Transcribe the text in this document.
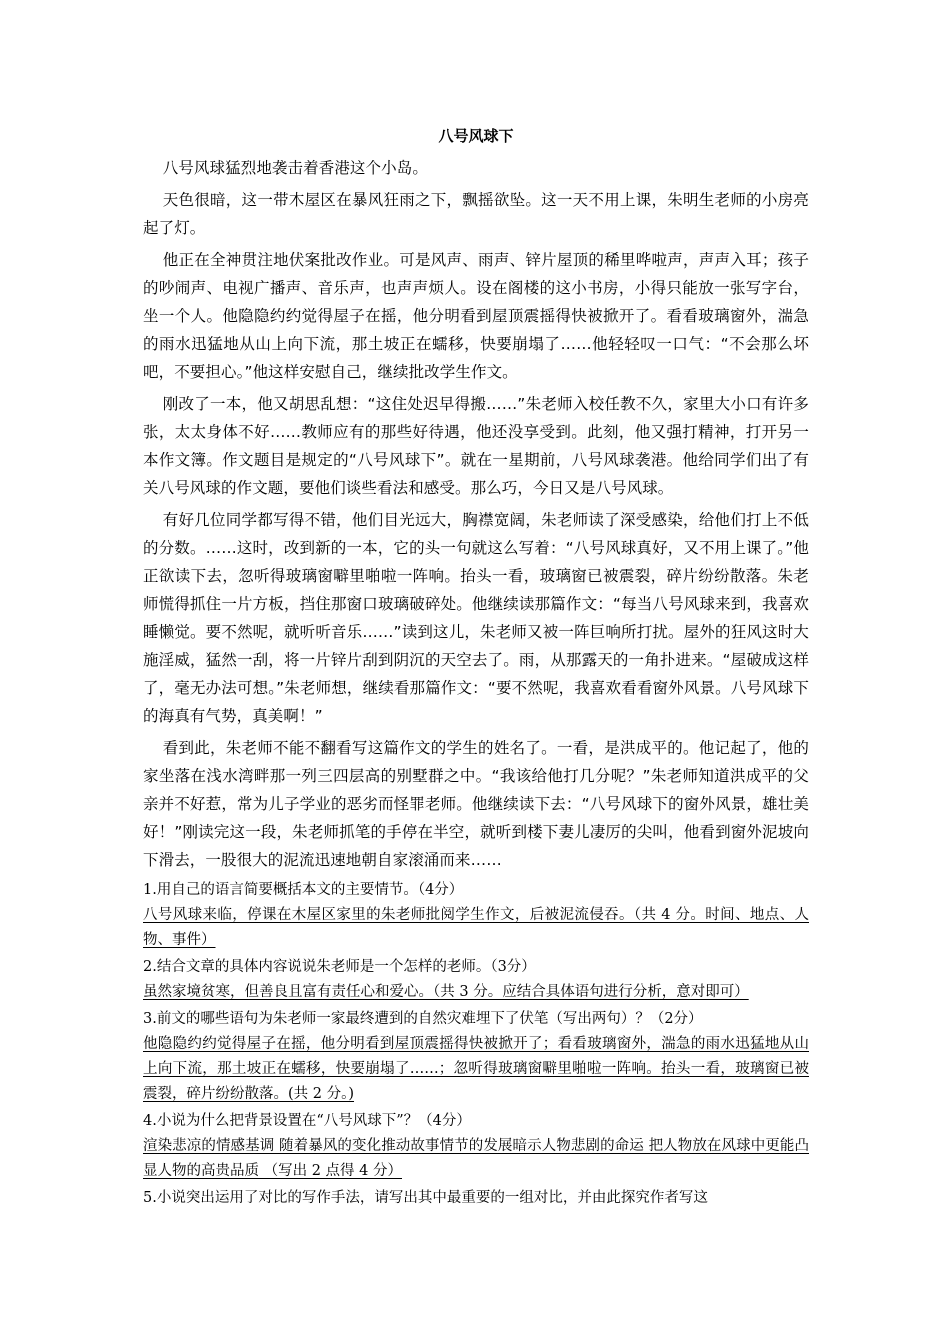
八号风球下

八号风球猛烈地袭击着香港这个小岛。

天色很暗，这一带木屋区在暴风狂雨之下，飘摇欲坠。这一天不用上课，朱明生老师的小房亮起了灯。

他正在全神贯注地伏案批改作业。可是风声、雨声、锌片屋顶的稀里哗啦声，声声入耳；孩子的吵闹声、电视广播声、音乐声，也声声烦人。设在阁楼的这小书房，小得只能放一张写字台，坐一个人。他隐隐约约觉得屋子在摇，他分明看到屋顶震摇得快被掀开了。看看玻璃窗外，湍急的雨水迅猛地从山上向下流，那土坡正在蠕移，快要崩塌了……他轻轻叹一口气：“不会那么坏吧，不要担心。”他这样安慰自己，继续批改学生作文。

刚改了一本，他又胡思乱想：“这住处迟早得搬……”朱老师入校任教不久，家里大小口有许多张，太太身体不好……教师应有的那些好待遇，他还没享受到。此刻，他又强打精神，打开另一本作文簿。作文题目是规定的“八号风球下”。就在一星期前，八号风球袭港。他给同学们出了有关八号风球的作文题，要他们谈些看法和感受。那么巧，今日又是八号风球。

有好几位同学都写得不错，他们目光远大，胸襟宽阔，朱老师读了深受感染，给他们打上不低的分数。……这时，改到新的一本，它的头一句就这么写着：“八号风球真好，又不用上课了。”他正欲读下去，忽听得玻璃窗噼里啪啦一阵响。抬头一看，玻璃窗已被震裂，碎片纷纷散落。朱老师慌得抓住一片方板，挡住那窗口玻璃破碎处。他继续读那篇作文：“每当八号风球来到，我喜欢睡懒觉。要不然呢，就听听音乐……”读到这儿，朱老师又被一阵巨响所打扰。屋外的狂风这时大施淫威，猛然一刮，将一片锌片刮到阴沉的天空去了。雨，从那露天的一角扑进来。“屋破成这样了，毫无办法可想。”朱老师想，继续看那篇作文：“要不然呢，我喜欢看看窗外风景。八号风球下的海真有气势，真美啊！”

看到此，朱老师不能不翻看写这篇作文的学生的姓名了。一看，是洪成平的。他记起了，他的家坐落在浅水湾畔那一列三四层高的别墅群之中。“我该给他打几分呢？”朱老师知道洪成平的父亲并不好惹，常为儿子学业的恶劣而怪罪老师。他继续读下去：“八号风球下的窗外风景，雄壮美好！”刚读完这一段，朱老师抓笔的手停在半空，就听到楼下妻儿凄厉的尖叫，他看到窗外泥坡向下滑去，一股很大的泥流迅速地朝自家滚涌而来……

1.用自己的语言简要概括本文的主要情节。（4分）

八号风球来临，停课在木屋区家里的朱老师批阅学生作文，后被泥流侵吞。（共 4 分。时间、地点、人物、事件）

2.结合文章的具体内容说说朱老师是一个怎样的老师。（3分）

虽然家境贫寒，但善良且富有责任心和爱心。（共 3 分。应结合具体语句进行分析，意对即可）

3.前文的哪些语句为朱老师一家最终遭到的自然灾难埋下了伏笔（写出两句）？（2分）

他隐隐约约觉得屋子在摇，他分明看到屋顶震摇得快被掀开了；看看玻璃窗外，湍急的雨水迅猛地从山上向下流，那土坡正在蠕移，快要崩塌了……；忽听得玻璃窗噼里啪啦一阵响。抬头一看，玻璃窗已被震裂，碎片纷纷散落。(共 2 分。)

4.小说为什么把背景设置在“八号风球下”？（4分）

渲染悲凉的情感基调 随着暴风的变化推动故事情节的发展暗示人物悲剧的命运 把人物放在风球中更能凸显人物的高贵品质 （写出 2 点得 4 分）

5.小说突出运用了对比的写作手法，请写出其中最重要的一组对比，并由此探究作者写这
